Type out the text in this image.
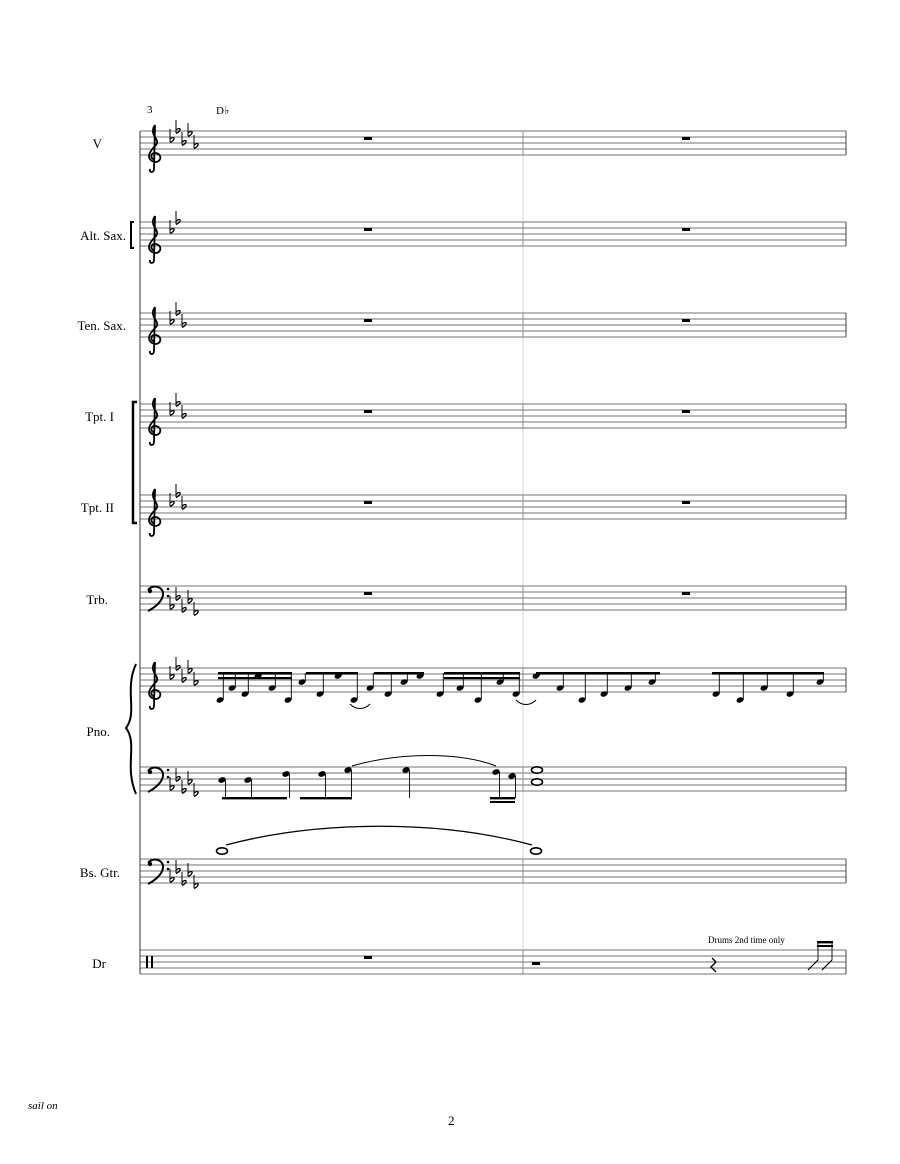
3	D♭
V
Alt. Sax.
Ten. Sax.
Tpt. I
Tpt. II
Trb.
Pno.
Bs. Gtr.
Dr
Drums 2nd time only
sail on
2
